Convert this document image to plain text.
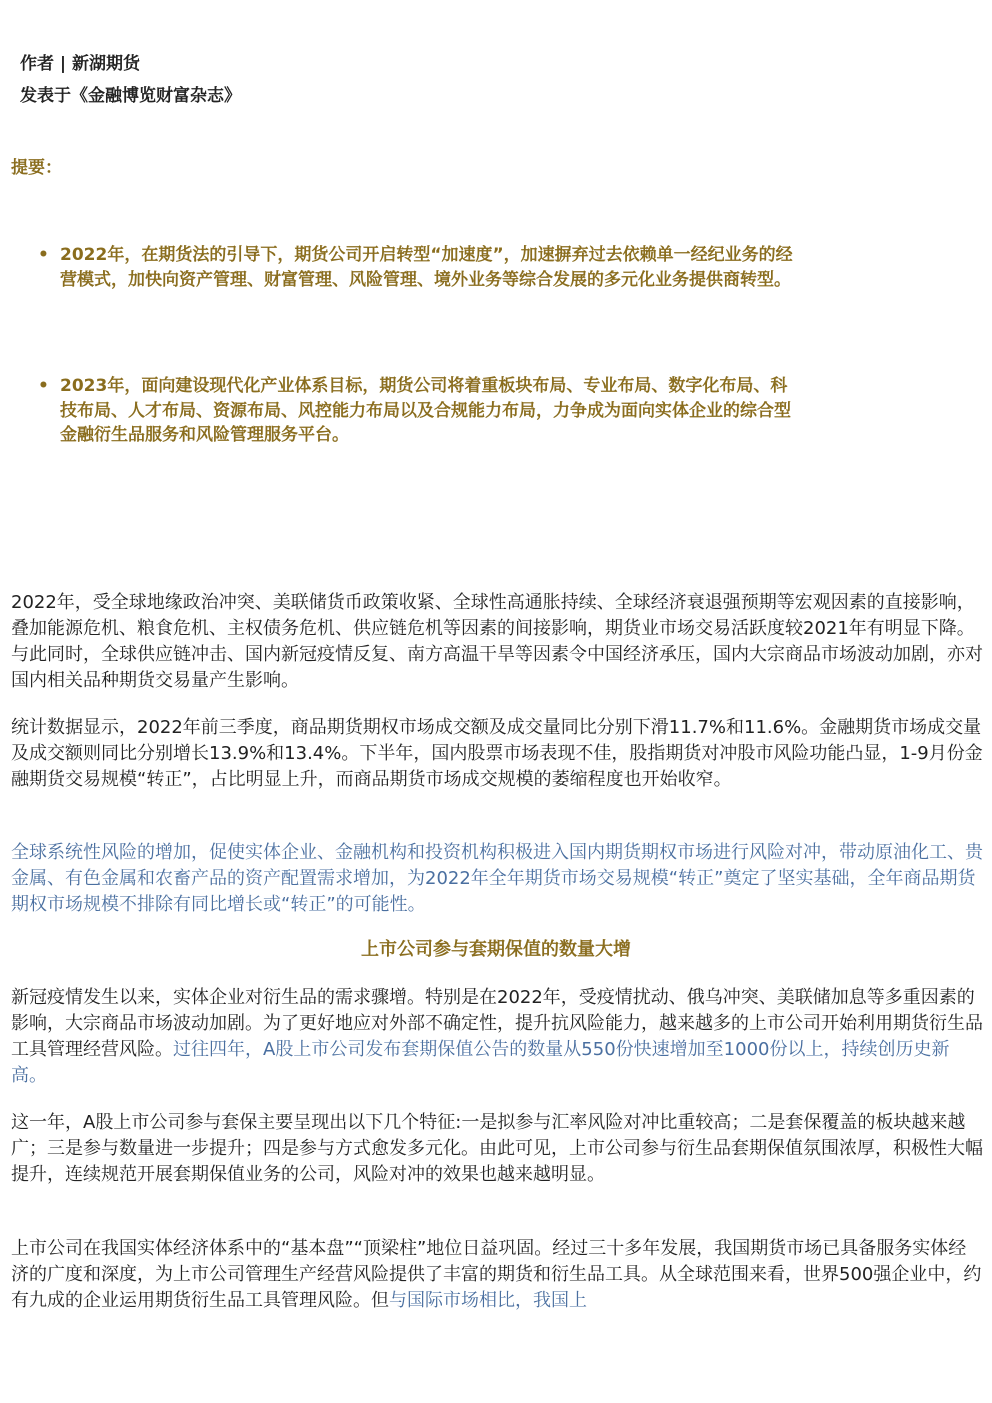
作者 | 新湖期货
发表于《金融博览财富杂志》
提要：
• 2022年，在期货法的引导下，期货公司开启转型“加速度”，加速摒弃过去依赖单一经纪业务的经营模式，加快向资产管理、财富管理、风险管理、境外业务等综合发展的多元化业务提供商转型。
• 2023年，面向建设现代化产业体系目标，期货公司将着重板块布局、专业布局、数字化布局、科技布局、人才布局、资源布局、风控能力布局以及合规能力布局，力争成为面向实体企业的综合型金融衍生品服务和风险管理服务平台。

2022年，受全球地缘政治冲突、美联储货币政策收紧、全球性高通胀持续、全球经济衰退强预期等宏观因素的直接影响，叠加能源危机、粮食危机、主权债务危机、供应链危机等因素的间接影响，期货业市场交易活跃度较2021年有明显下降。与此同时，全球供应链冲击、国内新冠疫情反复、南方高温干旱等因素令中国经济承压，国内大宗商品市场波动加剧，亦对国内相关品种期货交易量产生影响。

统计数据显示，2022年前三季度，商品期货期权市场成交额及成交量同比分别下滑11.7%和11.6%。金融期货市场成交量及成交额则同比分别增长13.9%和13.4%。下半年，国内股票市场表现不佳，股指期货对冲股市风险功能凸显，1-9月份金融期货交易规模“转正”，占比明显上升，而商品期货市场成交规模的萎缩程度也开始收窄。

全球系统性风险的增加，促使实体企业、金融机构和投资机构积极进入国内期货期权市场进行风险对冲，带动原油化工、贵金属、有色金属和农畜产品的资产配置需求增加，为2022年全年期货市场交易规模“转正”奠定了坚实基础，全年商品期货期权市场规模不排除有同比增长或“转正”的可能性。

上市公司参与套期保值的数量大增

新冠疫情发生以来，实体企业对衍生品的需求骤增。特别是在2022年，受疫情扰动、俄乌冲突、美联储加息等多重因素的影响，大宗商品市场波动加剧。为了更好地应对外部不确定性，提升抗风险能力，越来越多的上市公司开始利用期货衍生品工具管理经营风险。过往四年，A股上市公司发布套期保值公告的数量从550份快速增加至1000份以上，持续创历史新高。

这一年，A股上市公司参与套保主要呈现出以下几个特征:一是拟参与汇率风险对冲比重较高；二是套保覆盖的板块越来越广；三是参与数量进一步提升；四是参与方式愈发多元化。由此可见，上市公司参与衍生品套期保值氛围浓厚，积极性大幅提升，连续规范开展套期保值业务的公司，风险对冲的效果也越来越明显。

上市公司在我国实体经济体系中的“基本盘”“顶梁柱”地位日益巩固。经过三十多年发展，我国期货市场已具备服务实体经济的广度和深度，为上市公司管理生产经营风险提供了丰富的期货和衍生品工具。从全球范围来看，世界500强企业中，约有九成的企业运用期货衍生品工具管理风险。但与国际市场相比，我国上
